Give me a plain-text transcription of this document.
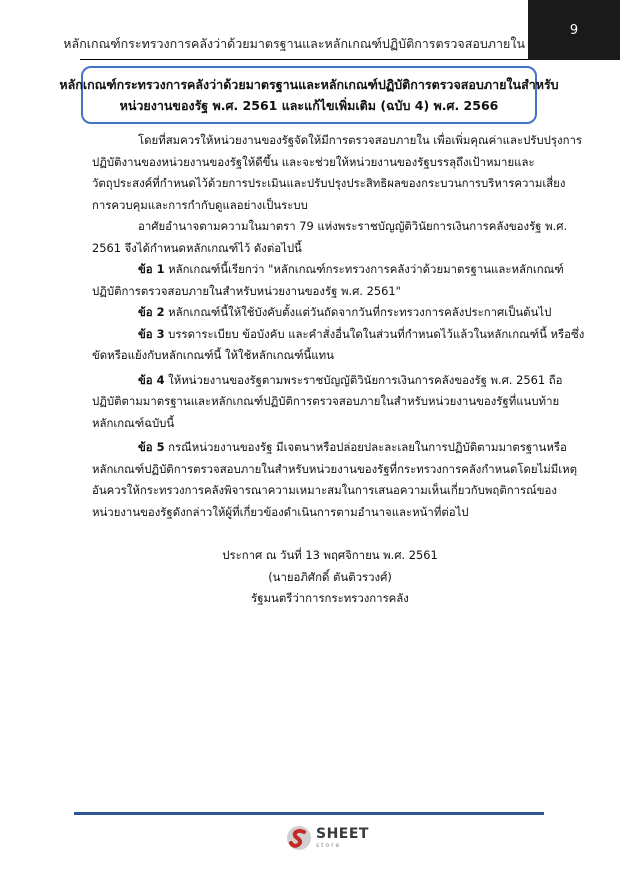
หลักเกณฑ์กระทรวงการคลังว่าด้วยมาตรฐานและหลักเกณฑ์ปฏิบัติการตรวจสอบภายใน
9
หลักเกณฑ์กระทรวงการคลังว่าด้วยมาตรฐานและหลักเกณฑ์ปฏิบัติการตรวจสอบภายในสำหรับ
หน่วยงานของรัฐ พ.ศ. 2561 และแก้ไขเพิ่มเติม (ฉบับ 4) พ.ศ. 2566
โดยที่สมควรให้หน่วยงานของรัฐจัดให้มีการตรวจสอบภายใน เพื่อเพิ่มคุณค่าและปรับปรุงการ
ปฏิบัติงานของหน่วยงานของรัฐให้ดีขึ้น และจะช่วยให้หน่วยงานของรัฐบรรลุถึงเป้าหมายและ
วัตถุประสงค์ที่กำหนดไว้ด้วยการประเมินและปรับปรุงประสิทธิผลของกระบวนการบริหารความเสี่ยง
การควบคุมและการกำกับดูแลอย่างเป็นระบบ
อาศัยอำนาจตามความในมาตรา 79 แห่งพระราชบัญญัติวินัยการเงินการคลังของรัฐ พ.ศ.
2561 จึงได้กำหนดหลักเกณฑ์ไว้ ดังต่อไปนี้
ข้อ 1 หลักเกณฑ์นี้เรียกว่า "หลักเกณฑ์กระทรวงการคลังว่าด้วยมาตรฐานและหลักเกณฑ์
ปฏิบัติการตรวจสอบภายในสำหรับหน่วยงานของรัฐ พ.ศ. 2561"
ข้อ 2 หลักเกณฑ์นี้ให้ใช้บังคับตั้งแต่วันถัดจากวันที่กระทรวงการคลังประกาศเป็นต้นไป
ข้อ 3 บรรดาระเบียบ ข้อบังคับ และคำสั่งอื่นใดในส่วนที่กำหนดไว้แล้วในหลักเกณฑ์นี้ หรือซึ่ง
ขัดหรือแย้งกับหลักเกณฑ์นี้ ให้ใช้หลักเกณฑ์นี้แทน
ข้อ 4 ให้หน่วยงานของรัฐตามพระราชบัญญัติวินัยการเงินการคลังของรัฐ พ.ศ. 2561 ถือ
ปฏิบัติตามมาตรฐานและหลักเกณฑ์ปฏิบัติการตรวจสอบภายในสำหรับหน่วยงานของรัฐที่แนบท้าย
หลักเกณฑ์ฉบับนี้
ข้อ 5 กรณีหน่วยงานของรัฐ มีเจตนาหรือปล่อยปละละเลยในการปฏิบัติตามมาตรฐานหรือ
หลักเกณฑ์ปฏิบัติการตรวจสอบภายในสำหรับหน่วยงานของรัฐที่กระทรวงการคลังกำหนดโดยไม่มีเหตุ
อันควรให้กระทรวงการคลังพิจารณาความเหมาะสมในการเสนอความเห็นเกี่ยวกับพฤติการณ์ของ
หน่วยงานของรัฐดังกล่าวให้ผู้ที่เกี่ยวข้องดำเนินการตามอำนาจและหน้าที่ต่อไป
ประกาศ ณ วันที่ 13 พฤศจิกายน พ.ศ. 2561
(นายอภิศักดิ์ ตันติวรวงศ์)
รัฐมนตรีว่าการกระทรวงการคลัง
SHEET
store
